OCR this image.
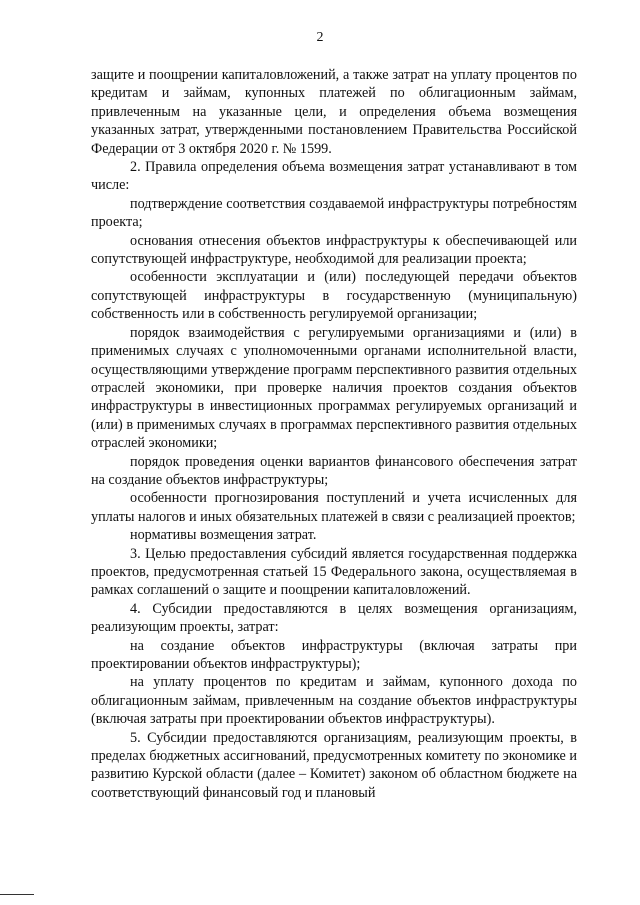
2

защите и поощрении капиталовложений, а также затрат на уплату процентов по кредитам и займам, купонных платежей по облигационным займам, привлеченным на указанные цели, и определения объема возмещения указанных затрат, утвержденными постановлением Правительства Российской Федерации от 3 октября 2020 г. № 1599.

2. Правила определения объема возмещения затрат устанавливают в том числе:

подтверждение соответствия создаваемой инфраструктуры потребностям проекта;

основания отнесения объектов инфраструктуры к обеспечивающей или сопутствующей инфраструктуре, необходимой для реализации проекта;

особенности эксплуатации и (или) последующей передачи объектов сопутствующей инфраструктуры в государственную (муниципальную) собственность или в собственность регулируемой организации;

порядок взаимодействия с регулируемыми организациями и (или) в применимых случаях с уполномоченными органами исполнительной власти, осуществляющими утверждение программ перспективного развития отдельных отраслей экономики, при проверке наличия проектов создания объектов инфраструктуры в инвестиционных программах регулируемых организаций и (или) в применимых случаях в программах перспективного развития отдельных отраслей экономики;

порядок проведения оценки вариантов финансового обеспечения затрат на создание объектов инфраструктуры;

особенности прогнозирования поступлений и учета исчисленных для уплаты налогов и иных обязательных платежей в связи с реализацией проектов;

нормативы возмещения затрат.

3. Целью предоставления субсидий является государственная поддержка проектов, предусмотренная статьей 15 Федерального закона, осуществляемая в рамках соглашений о защите и поощрении капиталовложений.

4. Субсидии предоставляются в целях возмещения организациям, реализующим проекты, затрат:

на создание объектов инфраструктуры (включая затраты при проектировании объектов инфраструктуры);

на уплату процентов по кредитам и займам, купонного дохода по облигационным займам, привлеченным на создание объектов инфраструктуры (включая затраты при проектировании объектов инфраструктуры).

5. Субсидии предоставляются организациям, реализующим проекты, в пределах бюджетных ассигнований, предусмотренных комитету по экономике и развитию Курской области (далее – Комитет) законом об областном бюджете на соответствующий финансовый год и плановый
